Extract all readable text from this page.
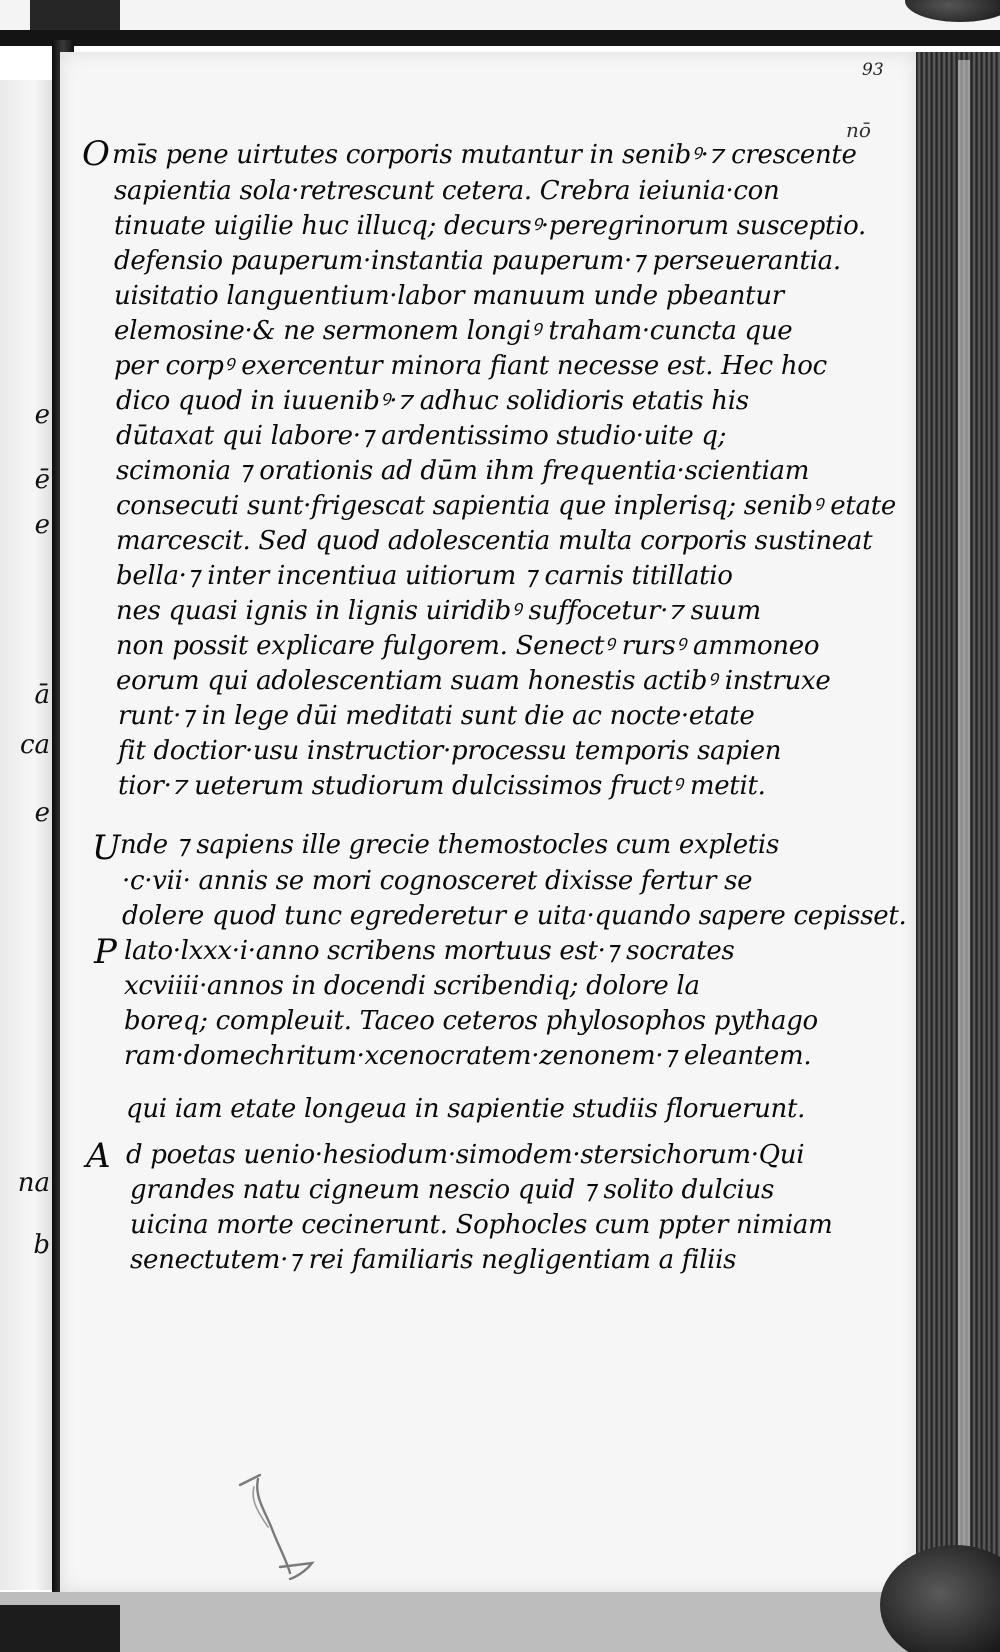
e
ē
e
ā
ca
e
na
b
O
U
P
A
mīs pene uirtutes corporis mutantur in senibꝰ·⁊ crescente
sapientia sola·retrescunt cetera. Crebra ieiunia·con
tinuate uigilie huc illucq; decursꝰ·peregrinorum susceptio.
defensio pauperum·instantia pauperum·⁊ perseuerantia.
uisitatio languentium·labor manuum unde pbeantur
elemosine·& ne sermonem longiꝰ traham·cuncta que
per corpꝰ exercentur minora fiant necesse est. Hec hoc
dico quod in iuuenibꝰ·⁊ adhuc solidioris etatis his
dūtaxat qui labore·⁊ ardentissimo studio·uite q;
scimonia ⁊ orationis ad dūm ihm frequentia·scientiam
consecuti sunt·frigescat sapientia que inplerisq; senibꝰ etate
marcescit. Sed quod adolescentia multa corporis sustineat
bella·⁊ inter incentiua uitiorum ⁊ carnis titillatio
nes quasi ignis in lignis uiridibꝰ suffocetur·⁊ suum
non possit explicare fulgorem. Senectꝰ rursꝰ ammoneo
eorum qui adolescentiam suam honestis actibꝰ instruxe
runt·⁊ in lege dūi meditati sunt die ac nocte·etate
fit doctior·usu instructior·processu temporis sapien
tior·⁊ ueterum studiorum dulcissimos fructꝰ metit.
nde ⁊ sapiens ille grecie themostocles cum expletis
·c·vii· annis se mori cognosceret dixisse fertur se
dolere quod tunc egrederetur e uita·quando sapere cepisset.
lato·lxxx·i·anno scribens mortuus est·⁊ socrates
xcviiii·annos in docendi scribendiq; dolore la
boreq; compleuit. Taceo ceteros phylosophos pythago
ram·domechritum·xcenocratem·zenonem·⁊ eleantem.
qui iam etate longeua in sapientie studiis floruerunt.
d poetas uenio·hesiodum·simodem·stersichorum·Qui
grandes natu cigneum nescio quid ⁊ solito dulcius
uicina morte cecinerunt. Sophocles cum ppter nimiam
senectutem·⁊ rei familiaris negligentiam a filiis
93
nō
